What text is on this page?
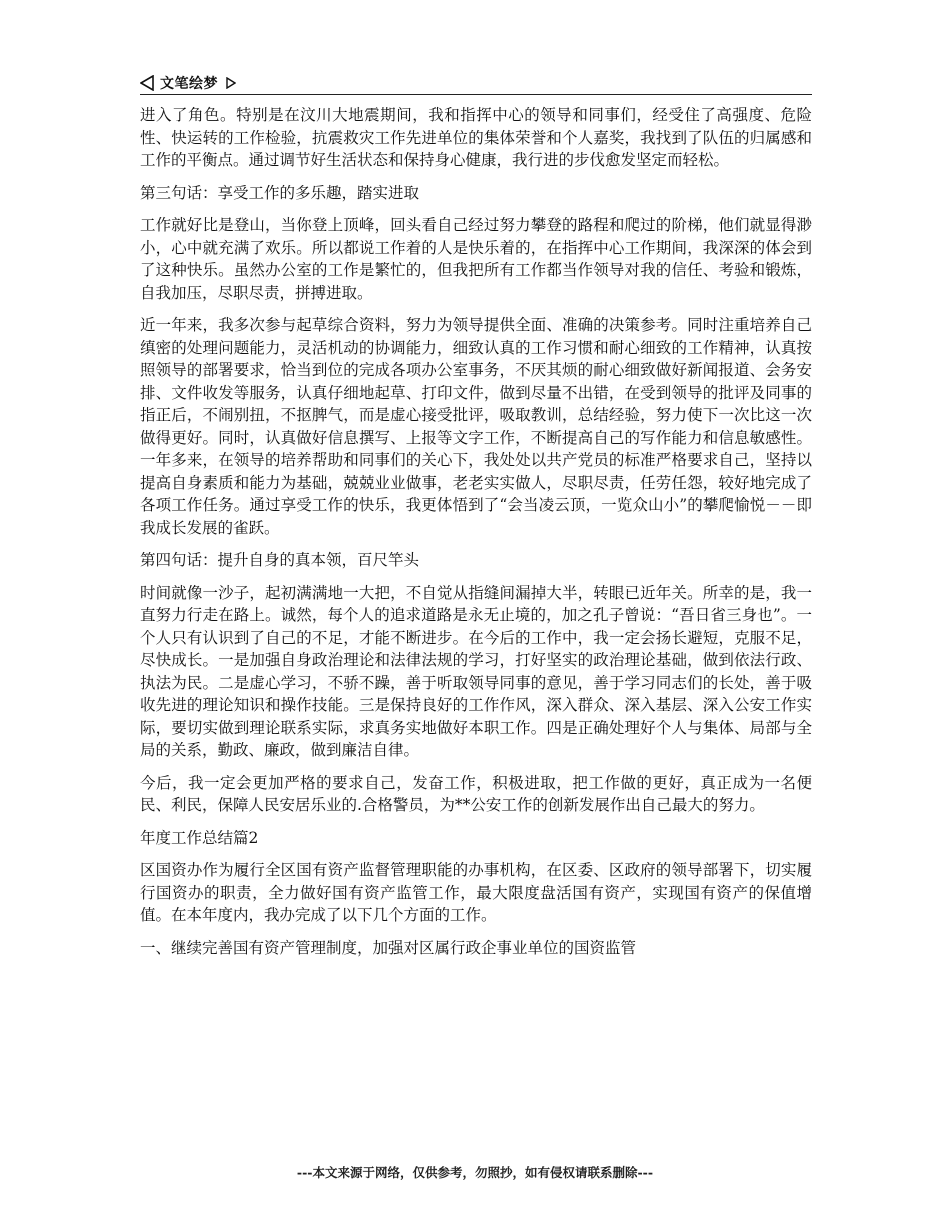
文笔绘梦

进入了角色。特别是在汶川大地震期间，我和指挥中心的领导和同事们，经受住了高强度、危险性、快运转的工作检验，抗震救灾工作先进单位的集体荣誉和个人嘉奖，我找到了队伍的归属感和工作的平衡点。通过调节好生活状态和保持身心健康，我行进的步伐愈发坚定而轻松。

第三句话：享受工作的多乐趣，踏实进取

工作就好比是登山，当你登上顶峰，回头看自己经过努力攀登的路程和爬过的阶梯，他们就显得渺小，心中就充满了欢乐。所以都说工作着的人是快乐着的，在指挥中心工作期间，我深深的体会到了这种快乐。虽然办公室的工作是繁忙的，但我把所有工作都当作领导对我的信任、考验和锻炼，自我加压，尽职尽责，拼搏进取。

近一年来，我多次参与起草综合资料，努力为领导提供全面、准确的决策参考。同时注重培养自己缜密的处理问题能力，灵活机动的协调能力，细致认真的工作习惯和耐心细致的工作精神，认真按照领导的部署要求，恰当到位的完成各项办公室事务，不厌其烦的耐心细致做好新闻报道、会务安排、文件收发等服务，认真仔细地起草、打印文件，做到尽量不出错，在受到领导的批评及同事的指正后，不闹别扭，不抠脾气，而是虚心接受批评，吸取教训，总结经验，努力使下一次比这一次做得更好。同时，认真做好信息撰写、上报等文字工作，不断提高自己的写作能力和信息敏感性。一年多来，在领导的培养帮助和同事们的关心下，我处处以共产党员的标准严格要求自己，坚持以提高自身素质和能力为基础，兢兢业业做事，老老实实做人，尽职尽责，任劳任怨，较好地完成了各项工作任务。通过享受工作的快乐，我更体悟到了“会当凌云顶，一览众山小”的攀爬愉悦－－即我成长发展的雀跃。

第四句话：提升自身的真本领，百尺竿头

时间就像一沙子，起初满满地一大把，不自觉从指缝间漏掉大半，转眼已近年关。所幸的是，我一直努力行走在路上。诚然，每个人的追求道路是永无止境的，加之孔子曾说：“吾日省三身也”。一个人只有认识到了自己的不足，才能不断进步。在今后的工作中，我一定会扬长避短，克服不足，尽快成长。一是加强自身政治理论和法律法规的学习，打好坚实的政治理论基础，做到依法行政、执法为民。二是虚心学习，不骄不躁，善于听取领导同事的意见，善于学习同志们的长处，善于吸收先进的理论知识和操作技能。三是保持良好的工作作风，深入群众、深入基层、深入公安工作实际，要切实做到理论联系实际，求真务实地做好本职工作。四是正确处理好个人与集体、局部与全局的关系，勤政、廉政，做到廉洁自律。

今后，我一定会更加严格的要求自己，发奋工作，积极进取，把工作做的更好，真正成为一名便民、利民，保障人民安居乐业的.合格警员，为**公安工作的创新发展作出自己最大的努力。

年度工作总结篇2

区国资办作为履行全区国有资产监督管理职能的办事机构，在区委、区政府的领导部署下，切实履行国资办的职责，全力做好国有资产监管工作，最大限度盘活国有资产，实现国有资产的保值增值。在本年度内，我办完成了以下几个方面的工作。

一、继续完善国有资产管理制度，加强对区属行政企事业单位的国资监管

---本文来源于网络，仅供参考，勿照抄，如有侵权请联系删除---
